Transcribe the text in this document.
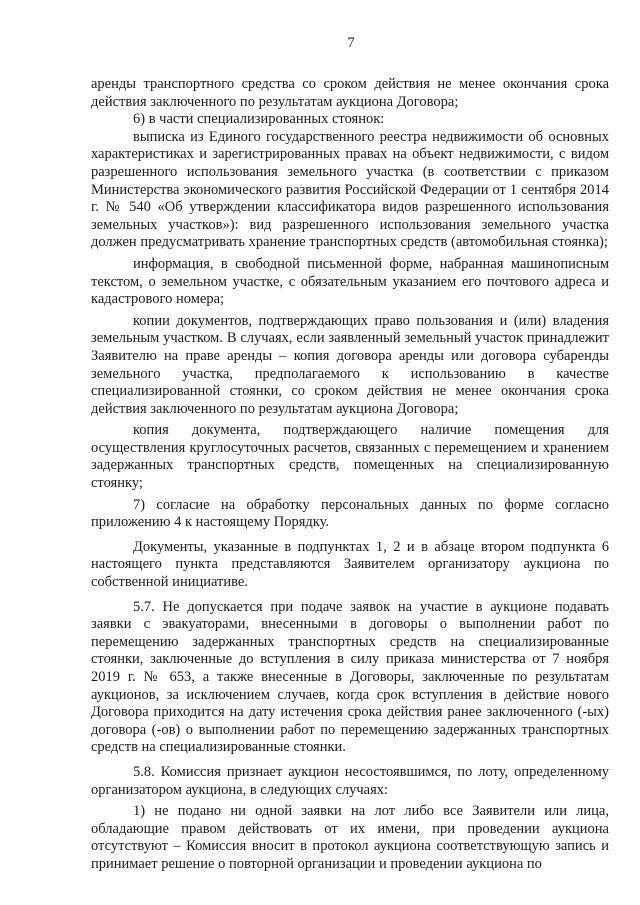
7

аренды транспортного средства со сроком действия не менее окончания срока действия заключенного по результатам аукциона Договора;

6) в части специализированных стоянок:

выписка из Единого государственного реестра недвижимости об основных характеристиках и зарегистрированных правах на объект недвижимости, с видом разрешенного использования земельного участка (в соответствии с приказом Министерства экономического развития Российской Федерации от 1 сентября 2014 г. № 540 «Об утверждении классификатора видов разрешенного использования земельных участков»): вид разрешенного использования земельного участка должен предусматривать хранение транспортных средств (автомобильная стоянка);

информация, в свободной письменной форме, набранная машинописным текстом, о земельном участке, с обязательным указанием его почтового адреса и кадастрового номера;

копии документов, подтверждающих право пользования и (или) владения земельным участком. В случаях, если заявленный земельный участок принадлежит Заявителю на праве аренды – копия договора аренды или договора субаренды земельного участка, предполагаемого к использованию в качестве специализированной стоянки, со сроком действия не менее окончания срока действия заключенного по результатам аукциона Договора;

копия документа, подтверждающего наличие помещения для осуществления круглосуточных расчетов, связанных с перемещением и хранением задержанных транспортных средств, помещенных на специализированную стоянку;

7) согласие на обработку персональных данных по форме согласно приложению 4 к настоящему Порядку.

Документы, указанные в подпунктах 1, 2 и в абзаце втором подпункта 6 настоящего пункта представляются Заявителем организатору аукциона по собственной инициативе.

5.7. Не допускается при подаче заявок на участие в аукционе подавать заявки с эвакуаторами, внесенными в договоры о выполнении работ по перемещению задержанных транспортных средств на специализированные стоянки, заключенные до вступления в силу приказа министерства от 7 ноября 2019 г. № 653, а также внесенные в Договоры, заключенные по результатам аукционов, за исключением случаев, когда срок вступления в действие нового Договора приходится на дату истечения срока действия ранее заключенного (-ых) договора (-ов) о выполнении работ по перемещению задержанных транспортных средств на специализированные стоянки.

5.8. Комиссия признает аукцион несостоявшимся, по лоту, определенному организатором аукциона, в следующих случаях:

1) не подано ни одной заявки на лот либо все Заявители или лица, обладающие правом действовать от их имени, при проведении аукциона отсутствуют – Комиссия вносит в протокол аукциона соответствующую запись и принимает решение о повторной организации и проведении аукциона по
